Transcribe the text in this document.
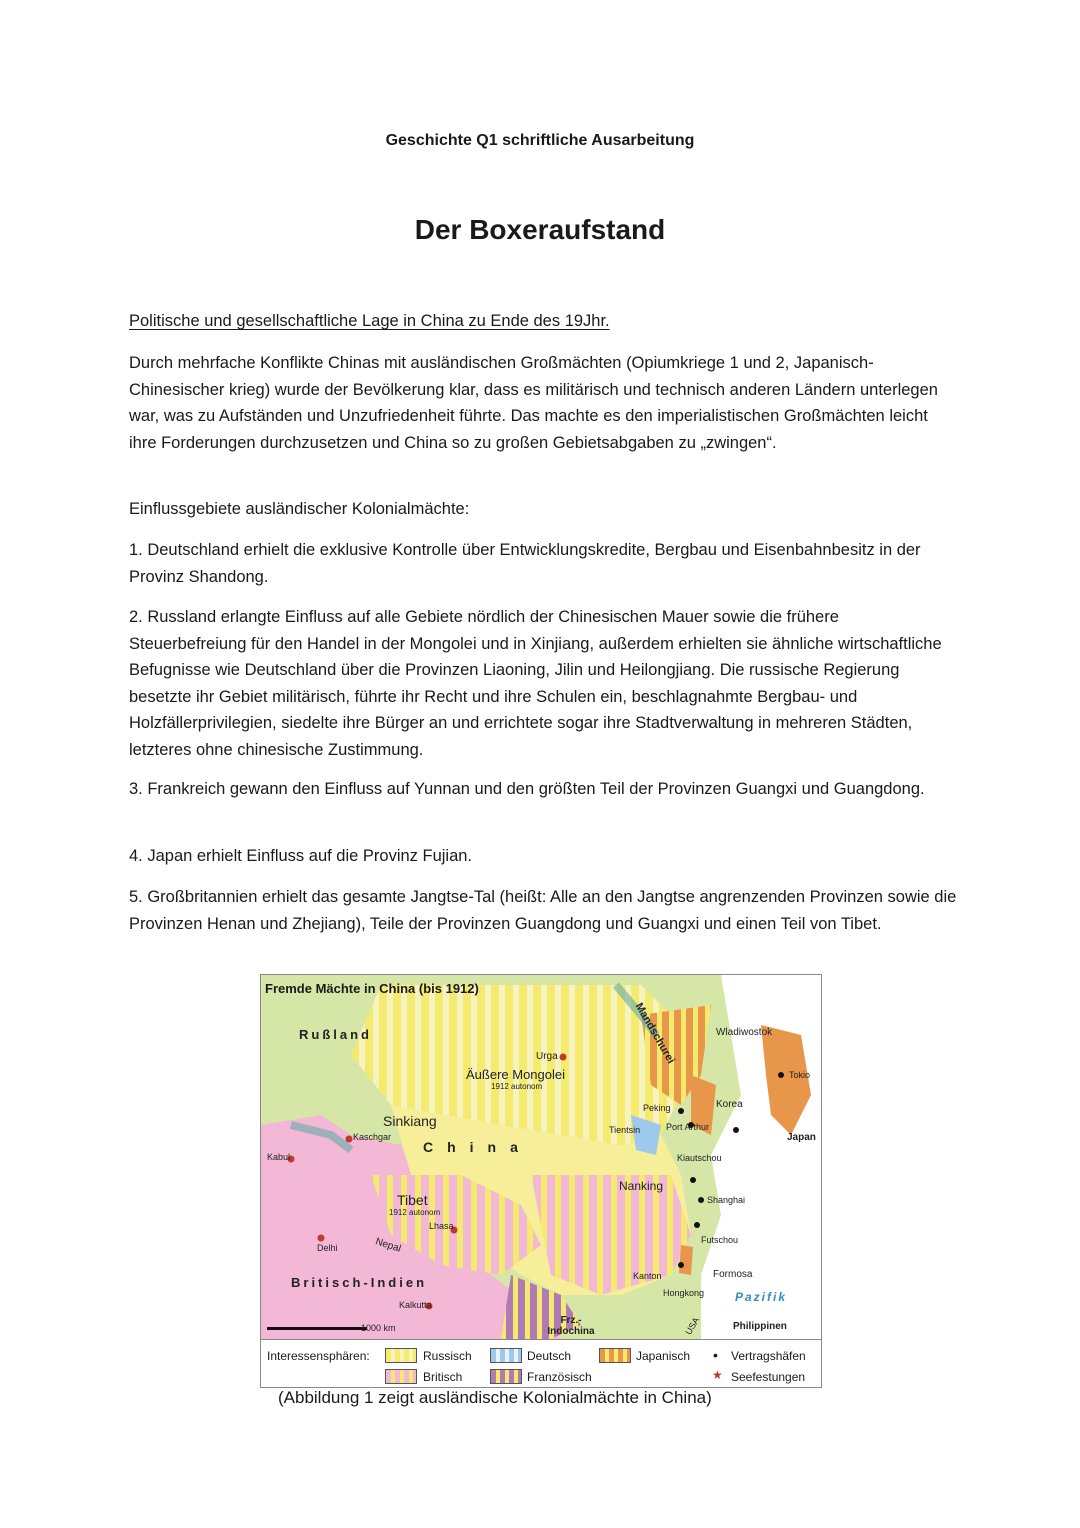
Geschichte Q1 schriftliche Ausarbeitung
Der Boxeraufstand
Politische und gesellschaftliche Lage in China zu Ende des 19Jhr.

Durch mehrfache Konflikte Chinas mit ausländischen Großmächten (Opiumkriege 1 und 2, Japanisch-Chinesischer krieg) wurde der Bevölkerung klar, dass es militärisch und technisch anderen Ländern unterlegen war, was zu Aufständen und Unzufriedenheit führte. Das machte es den imperialistischen Großmächten leicht ihre Forderungen durchzusetzen und China so zu großen Gebietsabgaben zu „zwingen“.

Einflussgebiete ausländischer Kolonialmächte:

1. Deutschland erhielt die exklusive Kontrolle über Entwicklungskredite, Bergbau und Eisenbahnbesitz in der Provinz Shandong.

2. Russland erlangte Einfluss auf alle Gebiete nördlich der Chinesischen Mauer sowie die frühere Steuerbefreiung für den Handel in der Mongolei und in Xinjiang, außerdem erhielten sie ähnliche wirtschaftliche Befugnisse wie Deutschland über die Provinzen Liaoning, Jilin und Heilongjiang. Die russische Regierung besetzte ihr Gebiet militärisch, führte ihr Recht und ihre Schulen ein, beschlagnahmte Bergbau- und Holzfällerprivilegien, siedelte ihre Bürger an und errichtete sogar ihre Stadtverwaltung in mehreren Städten, letzteres ohne chinesische Zustimmung.

3. Frankreich gewann den Einfluss auf Yunnan und den größten Teil der Provinzen Guangxi und Guangdong.

4. Japan erhielt Einfluss auf die Provinz Fujian.

5. Großbritannien erhielt das gesamte Jangtse-Tal (heißt: Alle an den Jangtse angrenzenden Provinzen sowie die Provinzen Henan und Zhejiang), Teile der Provinzen Guangdong und Guangxi und einen Teil von Tibet.

Fremde Mächte in China (bis 1912)
Rußland	Mandschurei	Wladiwostok
Urga
Äußere Mongolei
1912 autonom
Tokio
Korea
Peking
Sinkiang
Kaschgar
China
Tientsin	Port Arthur
Japan
Kabul	Kiautschou
Nanking
Shanghai
Tibet
1912 autonom
Lhasa
Delhi	Nepal	Futschou
Britisch-Indien	Kanton	Formosa
Hongkong
Kalkutta
Pazifik
Frz.-Indochina	Philippinen
USA
1000 km
Interessensphären:	Russisch
Britisch
Deutsch
Französisch
Japanisch • Vertragshäfen
★ Seefestungen
(Abbildung 1 zeigt ausländische Kolonialmächte in China)
